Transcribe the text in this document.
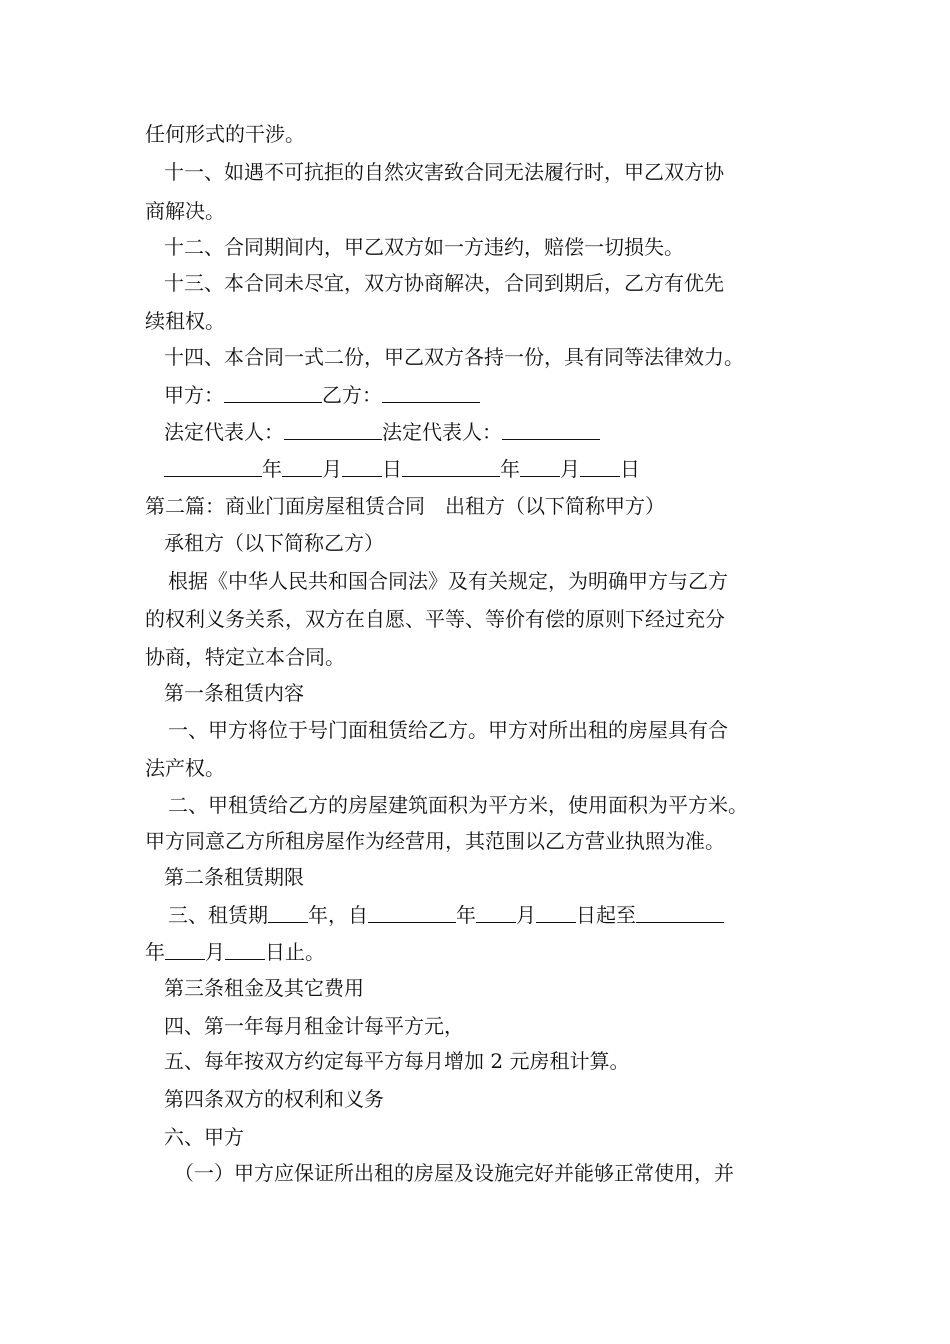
任何形式的干涉。
十一、如遇不可抗拒的自然灾害致合同无法履行时，甲乙双方协
商解决。
十二、合同期间内，甲乙双方如一方违约，赔偿一切损失。
十三、本合同未尽宜，双方协商解决，合同到期后，乙方有优先
续租权。
十四、本合同一式二份，甲乙双方各持一份，具有同等法律效力。
甲方：	乙方：
法定代表人：	法定代表人：
年 月 日	年 月 日
第二篇：商业门面房屋租赁合同　出租方（以下简称甲方）
承租方（以下简称乙方）
根据《中华人民共和国合同法》及有关规定，为明确甲方与乙方
的权利义务关系，双方在自愿、平等、等价有偿的原则下经过充分
协商，特定立本合同。
第一条租赁内容
一、甲方将位于号门面租赁给乙方。甲方对所出租的房屋具有合
法产权。
二、甲租赁给乙方的房屋建筑面积为平方米，使用面积为平方米。
甲方同意乙方所租房屋作为经营用，其范围以乙方营业执照为准。
第二条租赁期限
三、租赁期 年，自	年 月 日起至
年 月 日止。
第三条租金及其它费用
四、第一年每月租金计每平方元，
五、每年按双方约定每平方每月增加 2 元房租计算。
第四条双方的权利和义务
六、甲方
（一）甲方应保证所出租的房屋及设施完好并能够正常使用，并
